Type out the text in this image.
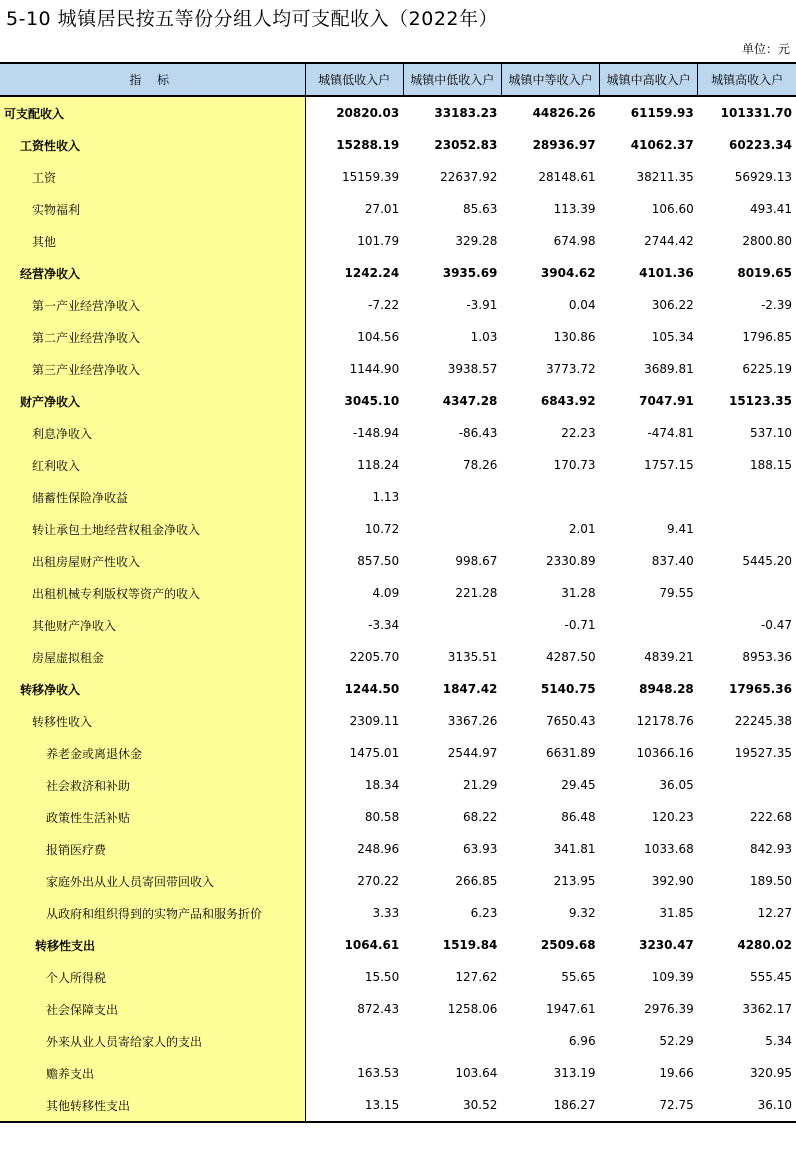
5-10 城镇居民按五等份分组人均可支配收入（2022年）
单位：元
指 标	城镇低收入户	城镇中低收入户	城镇中等收入户	城镇中高收入户	城镇高收入户
可支配收入	20820.03	33183.23	44826.26	61159.93	101331.70
工资性收入	15288.19	23052.83	28936.97	41062.37	60223.34
工资	15159.39	22637.92	28148.61	38211.35	56929.13
实物福利	27.01	85.63	113.39	106.60	493.41
其他	101.79	329.28	674.98	2744.42	2800.80
经营净收入	1242.24	3935.69	3904.62	4101.36	8019.65
第一产业经营净收入	-7.22	-3.91	0.04	306.22	-2.39
第二产业经营净收入	104.56	1.03	130.86	105.34	1796.85
第三产业经营净收入	1144.90	3938.57	3773.72	3689.81	6225.19
财产净收入	3045.10	4347.28	6843.92	7047.91	15123.35
利息净收入	-148.94	-86.43	22.23	-474.81	537.10
红利收入	118.24	78.26	170.73	1757.15	188.15
储蓄性保险净收益	1.13				
转让承包土地经营权租金净收入	10.72		2.01	9.41	
出租房屋财产性收入	857.50	998.67	2330.89	837.40	5445.20
出租机械专利版权等资产的收入	4.09	221.28	31.28	79.55	
其他财产净收入	-3.34		-0.71		-0.47
房屋虚拟租金	2205.70	3135.51	4287.50	4839.21	8953.36
转移净收入	1244.50	1847.42	5140.75	8948.28	17965.36
转移性收入	2309.11	3367.26	7650.43	12178.76	22245.38
养老金或离退休金	1475.01	2544.97	6631.89	10366.16	19527.35
社会救济和补助	18.34	21.29	29.45	36.05	
政策性生活补贴	80.58	68.22	86.48	120.23	222.68
报销医疗费	248.96	63.93	341.81	1033.68	842.93
家庭外出从业人员寄回带回收入	270.22	266.85	213.95	392.90	189.50
从政府和组织得到的实物产品和服务折价	3.33	6.23	9.32	31.85	12.27
转移性支出	1064.61	1519.84	2509.68	3230.47	4280.02
个人所得税	15.50	127.62	55.65	109.39	555.45
社会保障支出	872.43	1258.06	1947.61	2976.39	3362.17
外来从业人员寄给家人的支出			6.96	52.29	5.34
赡养支出	163.53	103.64	313.19	19.66	320.95
其他转移性支出	13.15	30.52	186.27	72.75	36.10
